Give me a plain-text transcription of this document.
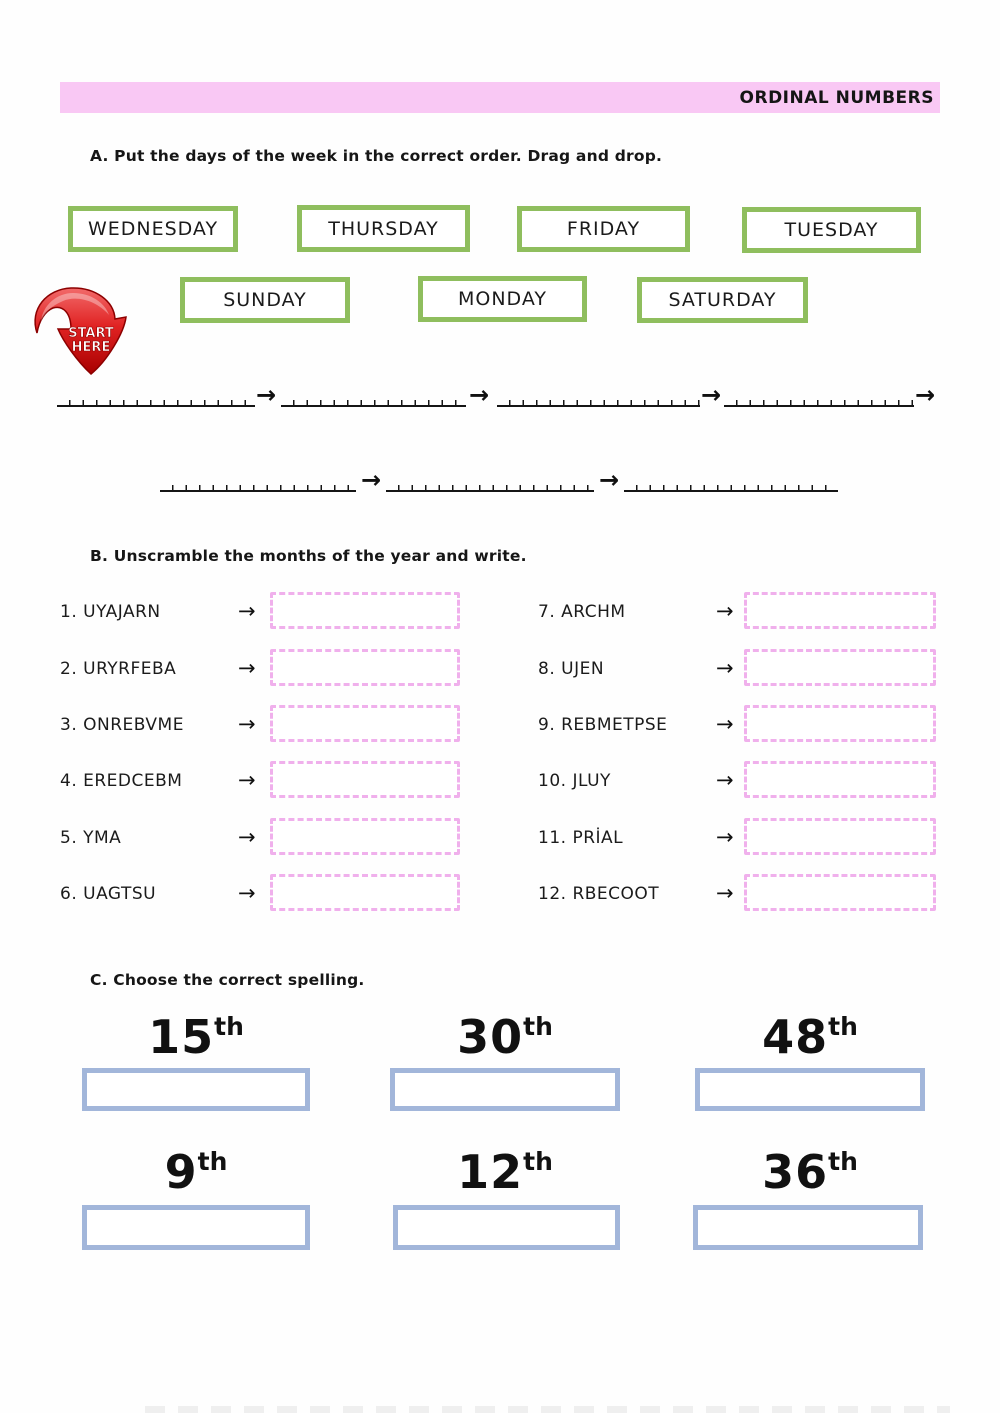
ORDINAL NUMBERS
A. Put the days of the week in the correct order. Drag and drop.
WEDNESDAY	THURSDAY	FRIDAY	TUESDAY
SUNDAY	MONDAY	SATURDAY
START
HERE
→	→	→	→
→	→
B. Unscramble the months of the year and write.
1. UYAJARN	→
2. URYRFEBA	→
3. ONREBVME	→
4. EREDCEBM	→
5. YMA	→
6. UAGTSU	→
7. ARCHM	→
8. UJEN	→
9. REBMETPSE →
10. JLUY	→
11. PRİAL	→
12. RBECOOT	→
C. Choose the correct spelling.
15th	30th	48th
9th	12th	36th
